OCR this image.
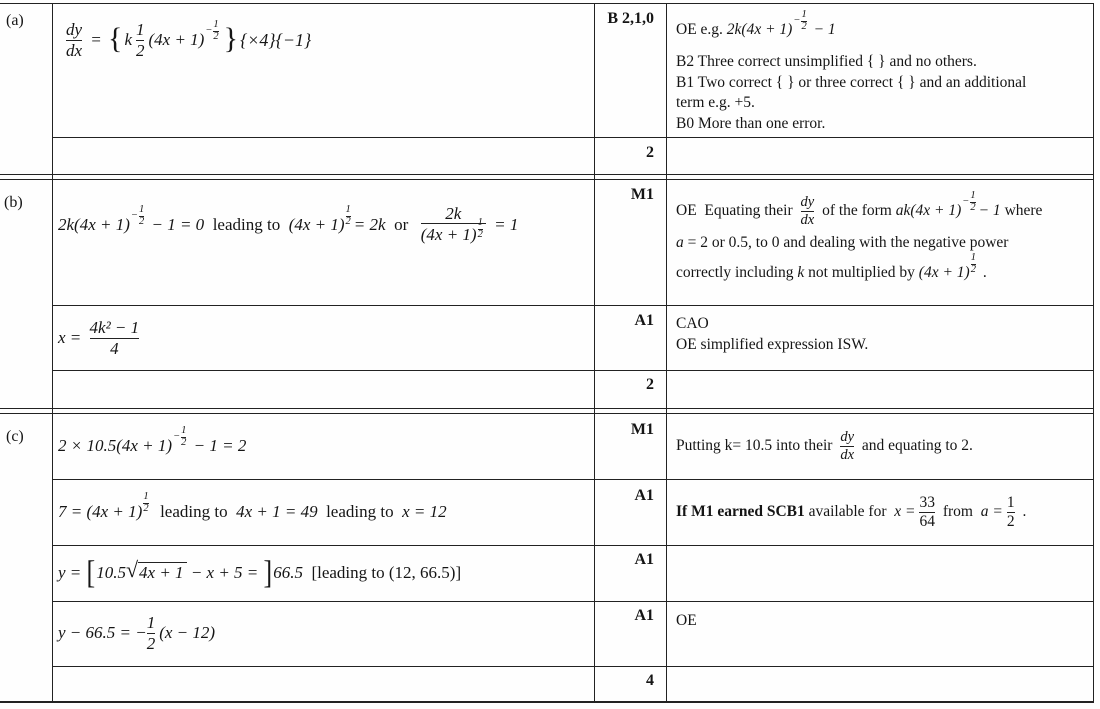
(a)
(b)
(c)
$\frac{dy}{dx}$ = { k $\frac{1}{2} (4x + 1)$ −
1
2 } {×4}{−1}
B 2,1,0
OE e.g. 2k(4x + 1)
−
1
2 − 1
B2 Three correct unsimplified { } and no others.
B1 Two correct { } or three correct { } and an additional
term e.g. +5.
B0 More than one error.
2
2k(4x + 1) −
1
2 − 1 = 0 leading to (4x + 1)
1
2 = 2k or 2k
(4x + 1)
1
2 = 1
M1
OE  Equating their $\frac{dy}{dx}$ of the form ak(4x + 1)
−
1
2 − 1 where
a = 2 or 0.5, to 0 and dealing with the negative power
correctly including k not multiplied by (4x + 1)
1
2 .
$x = \frac{\text{4k² − 1}}{4}$	A1 CAO
OE simplified expression ISW.
2
2 × 10.5(4x + 1) −
1
2 − 1 = 2
M1
Putting k= 10.5 into their $\frac{dy}{dx}$ and equating to 2.
7 = (4x + 1)
1
2 leading to 4x + 1 = 49 leading to x = 12
A1
If M1 earned SCB1 available for $x = \frac{33}{64}$ from $a = \frac{1}{2}$ .
y = [ 10.5 √ 4x + 1 − x + 5 = ] 66.5 [leading to (12, 66.5)]
A1
y − 66.5 = − $\frac{1}{2} (x - 12)$
A1 OE
4
